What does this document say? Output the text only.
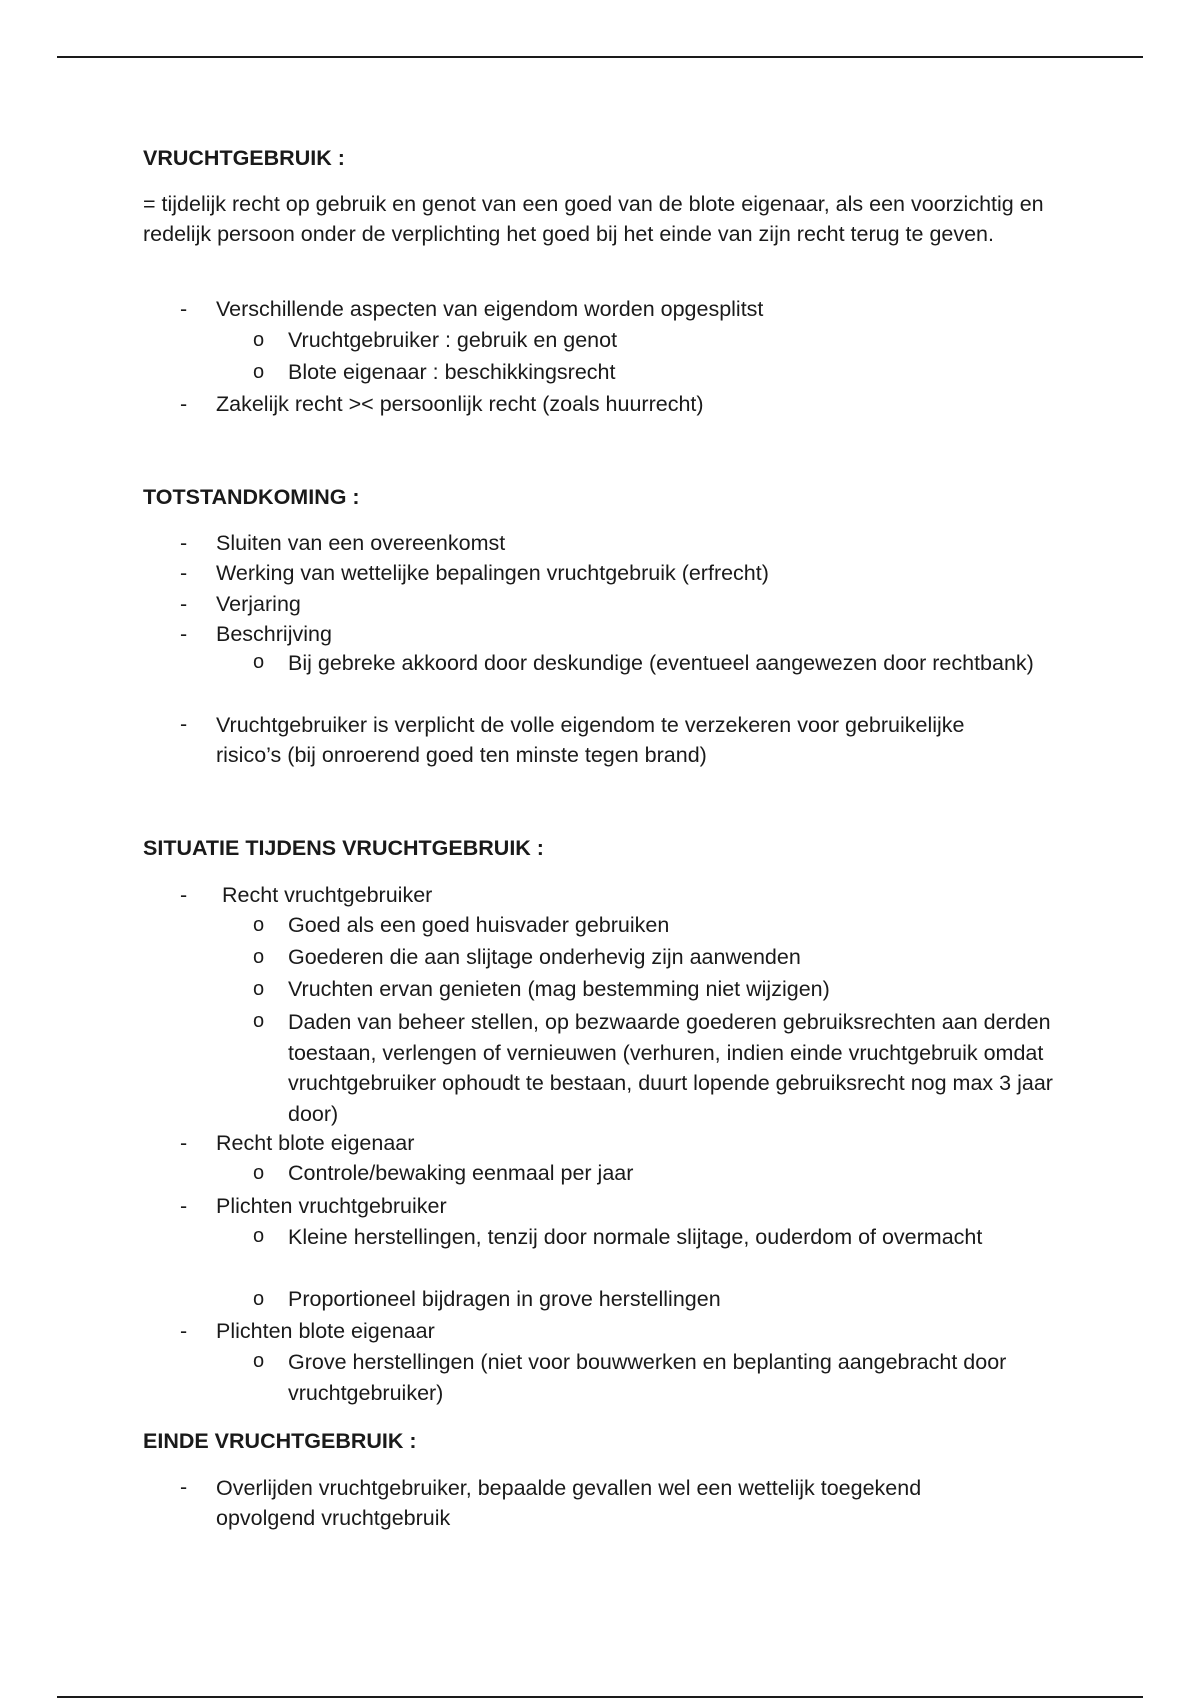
VRUCHTGEBRUIK :

= tijdelijk recht op gebruik en genot van een goed van de blote eigenaar, als een voorzichtig en redelijk persoon onder de verplichting het goed bij het einde van zijn recht terug te geven.

- Verschillende aspecten van eigendom worden opgesplitst
o Vruchtgebruiker : gebruik en genot
o Blote eigenaar : beschikkingsrecht
- Zakelijk recht >< persoonlijk recht (zoals huurrecht)
TOTSTANDKOMING :
- Sluiten van een overeenkomst
- Werking van wettelijke bepalingen vruchtgebruik (erfrecht)
- Verjaring
- Beschrijving
o Bij gebreke akkoord door deskundige (eventueel aangewezen door rechtbank)
- Vruchtgebruiker is verplicht de volle eigendom te verzekeren voor gebruikelijke risico’s (bij onroerend goed ten minste tegen brand)
SITUATIE TIJDENS VRUCHTGEBRUIK :
- Recht vruchtgebruiker
o Goed als een goed huisvader gebruiken
o Goederen die aan slijtage onderhevig zijn aanwenden
o Vruchten ervan genieten (mag bestemming niet wijzigen)
o Daden van beheer stellen, op bezwaarde goederen gebruiksrechten aan derden toestaan, verlengen of vernieuwen (verhuren, indien einde vruchtgebruik omdat vruchtgebruiker ophoudt te bestaan, duurt lopende gebruiksrecht nog max 3 jaar door)
- Recht blote eigenaar
o Controle/bewaking eenmaal per jaar
- Plichten vruchtgebruiker
o Kleine herstellingen, tenzij door normale slijtage, ouderdom of overmacht
o Proportioneel bijdragen in grove herstellingen
- Plichten blote eigenaar
o Grove herstellingen (niet voor bouwwerken en beplanting aangebracht door vruchtgebruiker)
EINDE VRUCHTGEBRUIK :
- Overlijden vruchtgebruiker, bepaalde gevallen wel een wettelijk toegekend opvolgend vruchtgebruik
